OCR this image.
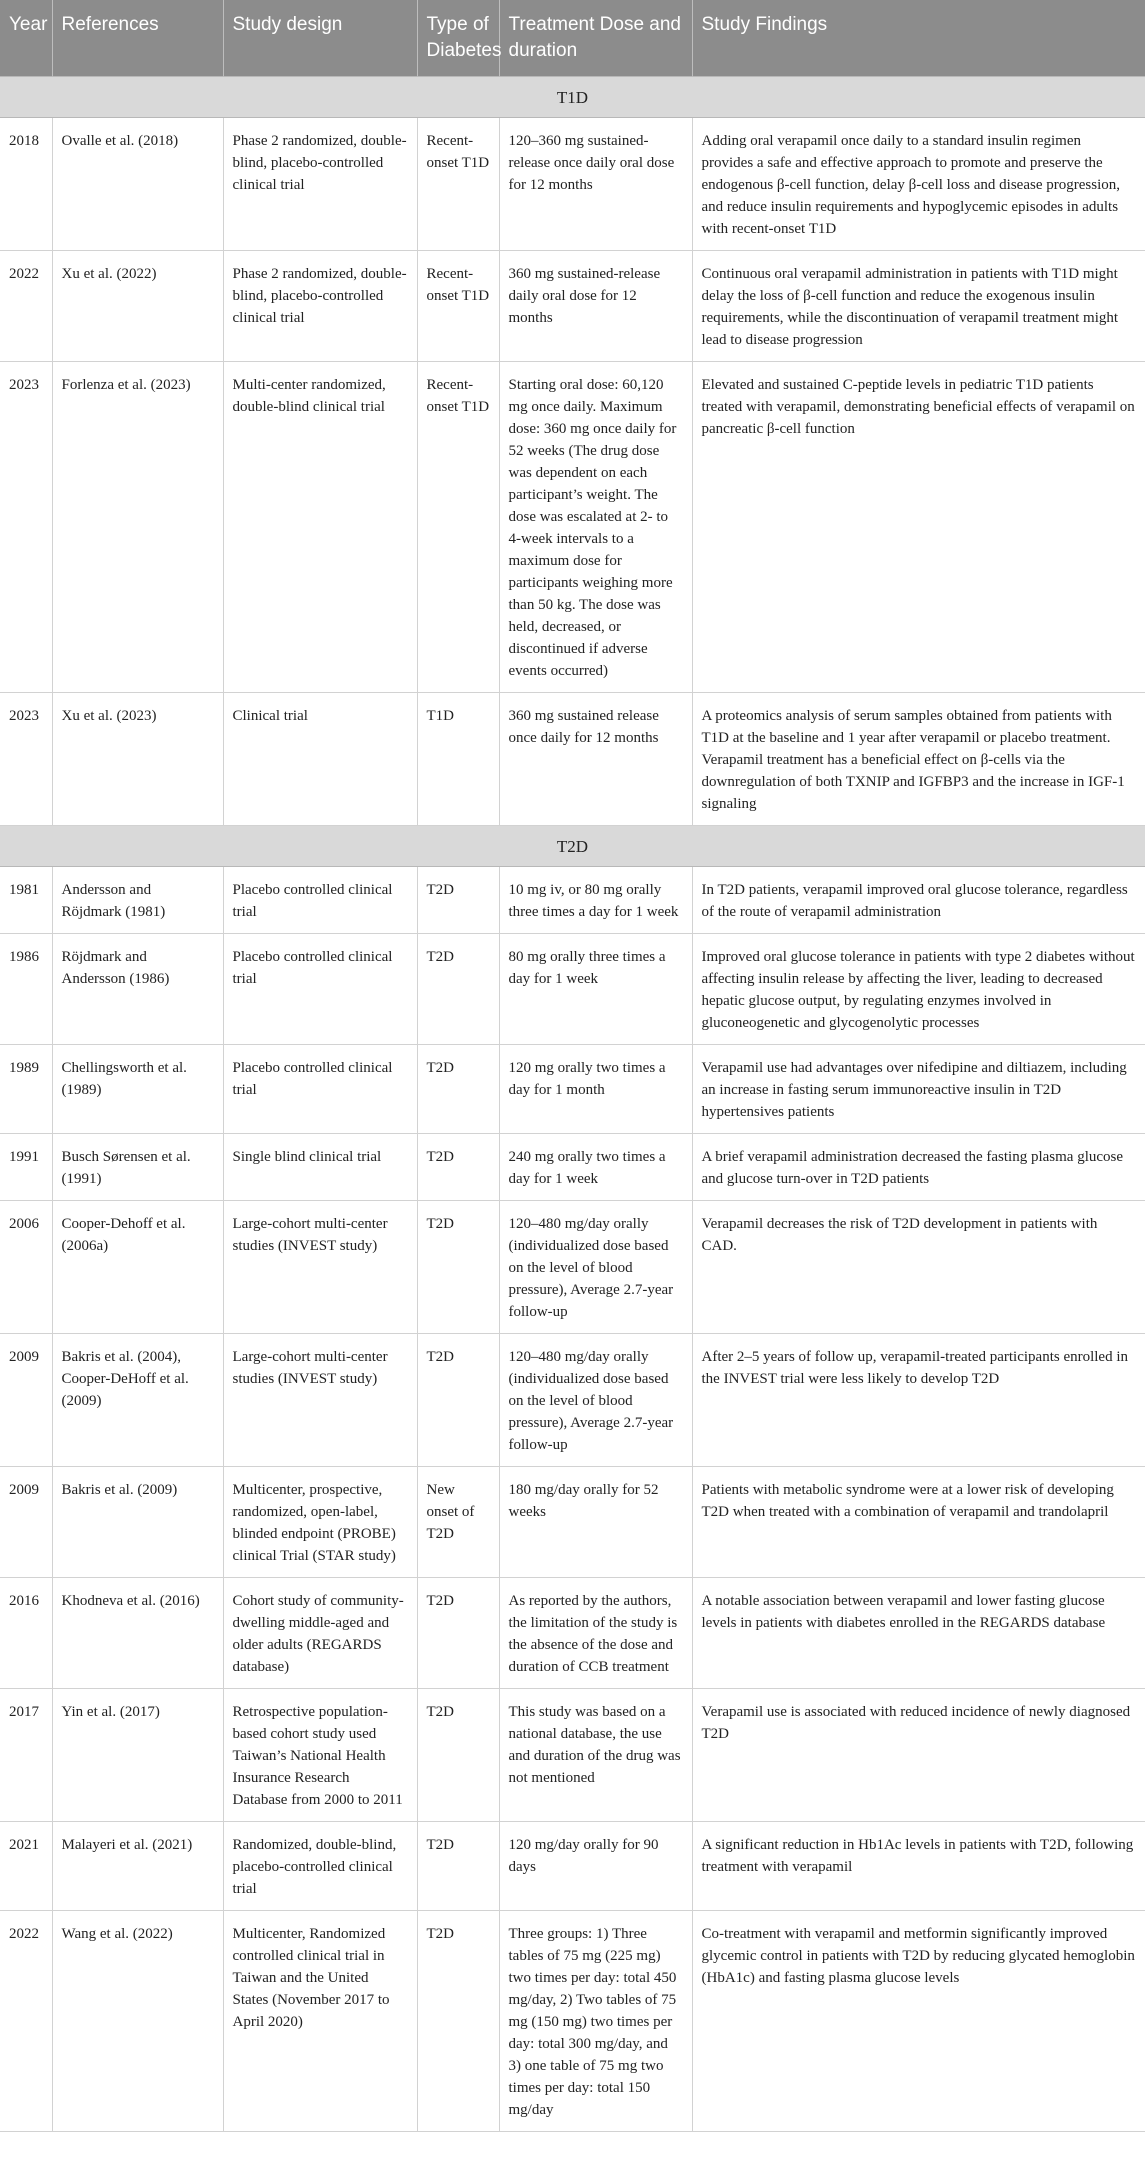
Year	References	Study design	Type of Diabetes	Treatment Dose and duration	Study Findings
T1D					
2018	Ovalle et al. (2018)	Phase 2 randomized, double-blind, placebo-controlled clinical trial	Recent-onset T1D	120–360 mg sustained-release once daily oral dose for 12 months	Adding oral verapamil once daily to a standard insulin regimen provides a safe and effective approach to promote and preserve the endogenous β-cell function, delay β-cell loss and disease progression, and reduce insulin requirements and hypoglycemic episodes in adults with recent-onset T1D
2022	Xu et al. (2022)	Phase 2 randomized, double-blind, placebo-controlled clinical trial	Recent-onset T1D	360 mg sustained-release daily oral dose for 12 months	Continuous oral verapamil administration in patients with T1D might delay the loss of β-cell function and reduce the exogenous insulin requirements, while the discontinuation of verapamil treatment might lead to disease progression
2023	Forlenza et al. (2023)	Multi-center randomized, double-blind clinical trial	Recent-onset T1D	Starting oral dose: 60,120 mg once daily. Maximum dose: 360 mg once daily for 52 weeks (The drug dose was dependent on each participant’s weight. The dose was escalated at 2- to 4-week intervals to a maximum dose for participants weighing more than 50 kg. The dose was held, decreased, or discontinued if adverse events occurred)	Elevated and sustained C-peptide levels in pediatric T1D patients treated with verapamil, demonstrating beneficial effects of verapamil on pancreatic β-cell function
2023	Xu et al. (2023)	Clinical trial	T1D	360 mg sustained release once daily for 12 months	A proteomics analysis of serum samples obtained from patients with T1D at the baseline and 1 year after verapamil or placebo treatment. Verapamil treatment has a beneficial effect on β-cells via the downregulation of both TXNIP and IGFBP3 and the increase in IGF-1 signaling
T2D					
1981	Andersson and Röjdmark (1981)	Placebo controlled clinical trial	T2D	10 mg iv, or 80 mg orally three times a day for 1 week	In T2D patients, verapamil improved oral glucose tolerance, regardless of the route of verapamil administration
1986	Röjdmark and Andersson (1986)	Placebo controlled clinical trial	T2D	80 mg orally three times a day for 1 week	Improved oral glucose tolerance in patients with type 2 diabetes without affecting insulin release by affecting the liver, leading to decreased hepatic glucose output, by regulating enzymes involved in gluconeogenetic and glycogenolytic processes
1989	Chellingsworth et al. (1989)	Placebo controlled clinical trial	T2D	120 mg orally two times a day for 1 month	Verapamil use had advantages over nifedipine and diltiazem, including an increase in fasting serum immunoreactive insulin in T2D hypertensives patients
1991	Busch Sørensen et al. (1991)	Single blind clinical trial	T2D	240 mg orally two times a day for 1 week	A brief verapamil administration decreased the fasting plasma glucose and glucose turn-over in T2D patients
2006	Cooper-Dehoff et al. (2006a)	Large-cohort multi-center studies (INVEST study)	T2D	120–480 mg/day orally (individualized dose based on the level of blood pressure), Average 2.7-year follow-up	Verapamil decreases the risk of T2D development in patients with CAD.
2009	Bakris et al. (2004), Cooper-DeHoff et al. (2009)	Large-cohort multi-center studies (INVEST study)	T2D	120–480 mg/day orally (individualized dose based on the level of blood pressure), Average 2.7-year follow-up	After 2–5 years of follow up, verapamil-treated participants enrolled in the INVEST trial were less likely to develop T2D
2009	Bakris et al. (2009)	Multicenter, prospective, randomized, open-label, blinded endpoint (PROBE) clinical Trial (STAR study)	New onset of T2D	180 mg/day orally for 52 weeks	Patients with metabolic syndrome were at a lower risk of developing T2D when treated with a combination of verapamil and trandolapril
2016	Khodneva et al. (2016)	Cohort study of community-dwelling middle-aged and older adults (REGARDS database)	T2D	As reported by the authors, the limitation of the study is the absence of the dose and duration of CCB treatment	A notable association between verapamil and lower fasting glucose levels in patients with diabetes enrolled in the REGARDS database
2017	Yin et al. (2017)	Retrospective population-based cohort study used Taiwan’s National Health Insurance Research Database from 2000 to 2011	T2D	This study was based on a national database, the use and duration of the drug was not mentioned	Verapamil use is associated with reduced incidence of newly diagnosed T2D
2021	Malayeri et al. (2021)	Randomized, double-blind, placebo-controlled clinical trial	T2D	120 mg/day orally for 90 days	A significant reduction in Hb1Ac levels in patients with T2D, following treatment with verapamil
2022	Wang et al. (2022)	Multicenter, Randomized controlled clinical trial in Taiwan and the United States (November 2017 to April 2020)	T2D	Three groups: 1) Three tables of 75 mg (225 mg) two times per day: total 450 mg/day, 2) Two tables of 75 mg (150 mg) two times per day: total 300 mg/day, and 3) one table of 75 mg two times per day: total 150 mg/day	Co-treatment with verapamil and metformin significantly improved glycemic control in patients with T2D by reducing glycated hemoglobin (HbA1c) and fasting plasma glucose levels
